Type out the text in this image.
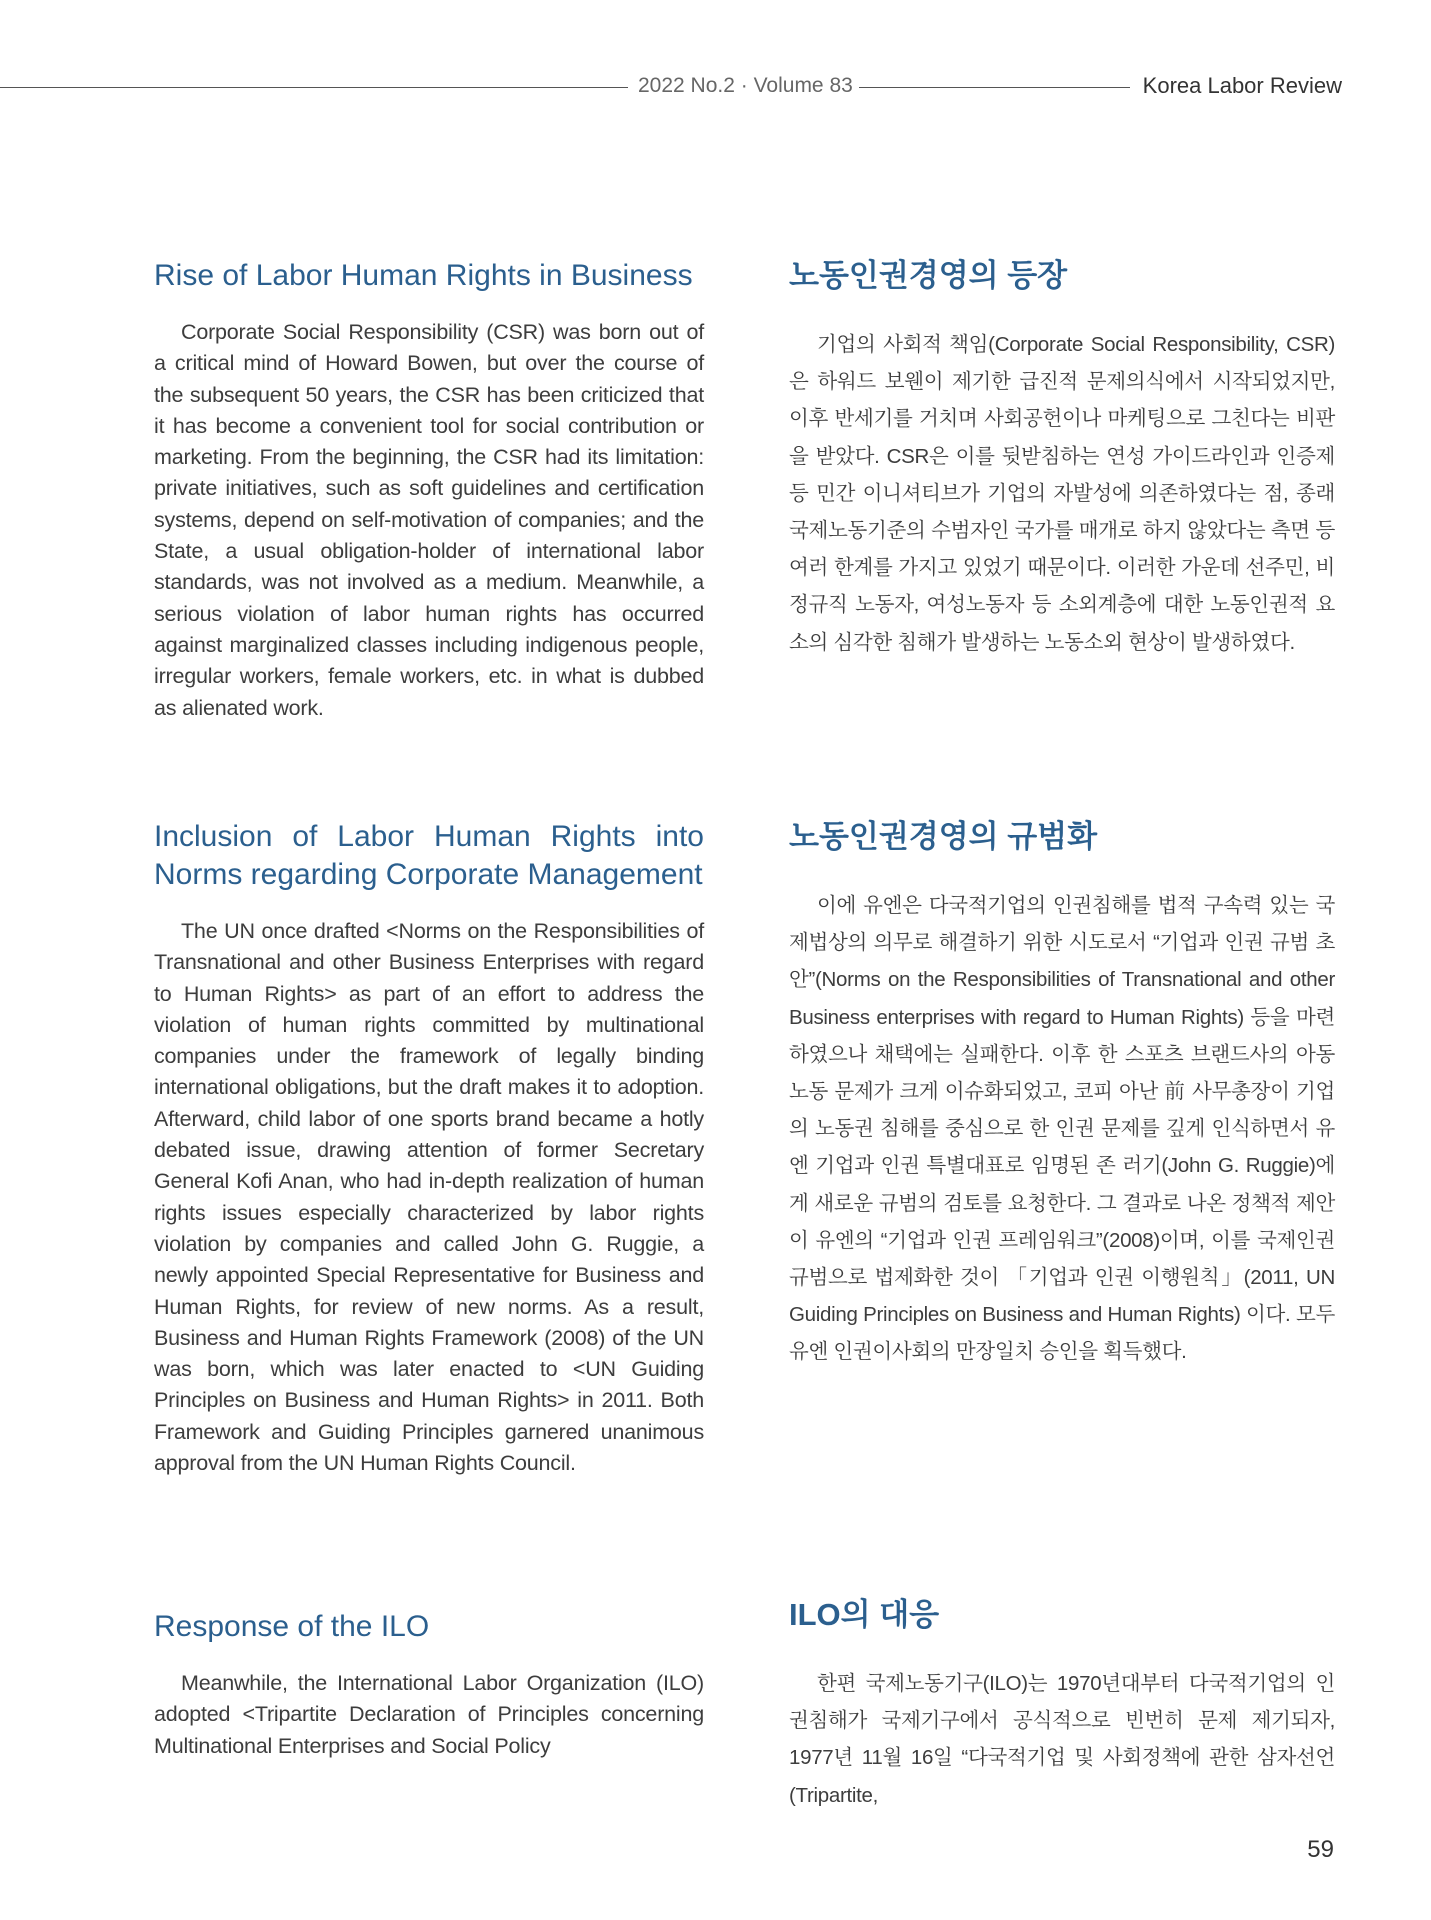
2022 No.2 · Volume 83	Korea Labor Review
Rise of Labor Human Rights in Business

Corporate Social Responsibility (CSR) was born out of a critical mind of Howard Bowen, but over the course of the subsequent 50 years, the CSR has been criticized that it has become a convenient tool for social contribution or marketing. From the beginning, the CSR had its limitation: private initiatives, such as soft guidelines and certification systems, depend on self-motivation of companies; and the State, a usual obligation-holder of international labor standards, was not involved as a medium. Meanwhile, a serious violation of labor human rights has occurred against marginalized classes including indigenous people, irregular workers, female workers, etc. in what is dubbed as alienated work.

노동인권경영의 등장

기업의 사회적 책임(Corporate Social Responsibility, CSR)은 하워드 보웬이 제기한 급진적 문제의식에서 시작되었지만, 이후 반세기를 거치며 사회공헌이나 마케팅으로 그친다는 비판을 받았다. CSR은 이를 뒷받침하는 연성 가이드라인과 인증제 등 민간 이니셔티브가 기업의 자발성에 의존하였다는 점, 종래 국제노동기준의 수범자인 국가를 매개로 하지 않았다는 측면 등 여러 한계를 가지고 있었기 때문이다. 이러한 가운데 선주민, 비정규직 노동자, 여성노동자 등 소외계층에 대한 노동인권적 요소의 심각한 침해가 발생하는 노동소외 현상이 발생하였다.

Inclusion of Labor Human Rights into Norms regarding Corporate Management

The UN once drafted <Norms on the Responsibilities of Transnational and other Business Enterprises with regard to Human Rights> as part of an effort to address the violation of human rights committed by multinational companies under the framework of legally binding international obligations, but the draft makes it to adoption. Afterward, child labor of one sports brand became a hotly debated issue, drawing attention of former Secretary General Kofi Anan, who had in-depth realization of human rights issues especially characterized by labor rights violation by companies and called John G. Ruggie, a newly appointed Special Representative for Business and Human Rights, for review of new norms. As a result, Business and Human Rights Framework (2008) of the UN was born, which was later enacted to <UN Guiding Principles on Business and Human Rights> in 2011. Both Framework and Guiding Principles garnered unanimous approval from the UN Human Rights Council.

노동인권경영의 규범화

이에 유엔은 다국적기업의 인권침해를 법적 구속력 있는 국제법상의 의무로 해결하기 위한 시도로서 “기업과 인권 규범 초안”(Norms on the Responsibilities of Transnational and other Business enterprises with regard to Human Rights) 등을 마련하였으나 채택에는 실패한다. 이후 한 스포츠 브랜드사의 아동노동 문제가 크게 이슈화되었고, 코피 아난 前 사무총장이 기업의 노동권 침해를 중심으로 한 인권 문제를 깊게 인식하면서 유엔 기업과 인권 특별대표로 임명된 존 러기(John G. Ruggie)에게 새로운 규범의 검토를 요청한다. 그 결과로 나온 정책적 제안이 유엔의 “기업과 인권 프레임워크”(2008)이며, 이를 국제인권규범으로 법제화한 것이 「기업과 인권 이행원칙」(2011, UN Guiding Principles on Business and Human Rights) 이다. 모두 유엔 인권이사회의 만장일치 승인을 획득했다.

Response of the ILO

Meanwhile, the International Labor Organization (ILO) adopted <Tripartite Declaration of Principles concerning Multinational Enterprises and Social Policy

ILO의 대응

한편 국제노동기구(ILO)는 1970년대부터 다국적기업의 인권침해가 국제기구에서 공식적으로 빈번히 문제 제기되자, 1977년 11월 16일 “다국적기업 및 사회정책에 관한 삼자선언(Tripartite,

59
